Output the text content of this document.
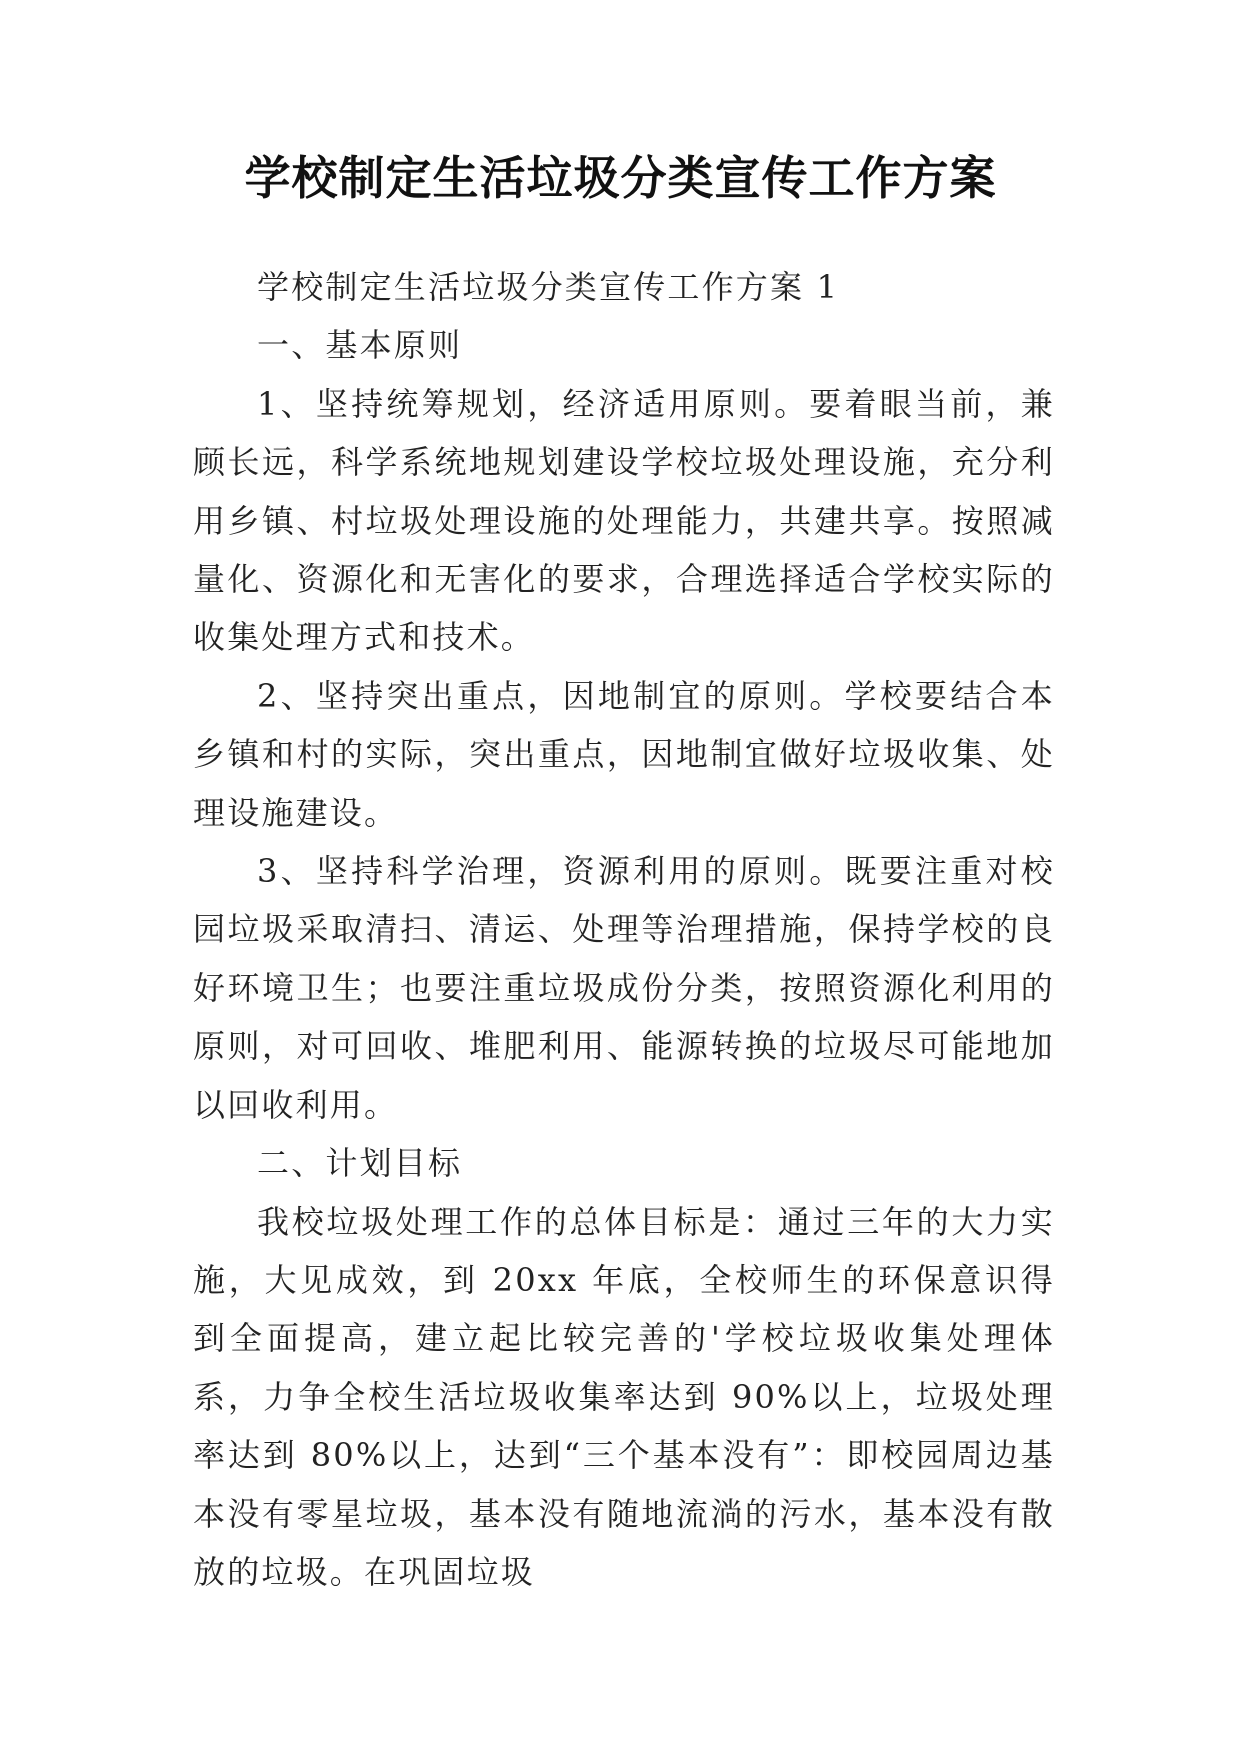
学校制定生活垃圾分类宣传工作方案

学校制定生活垃圾分类宣传工作方案 1

一、基本原则

1、坚持统筹规划，经济适用原则。要着眼当前，兼顾长远，科学系统地规划建设学校垃圾处理设施，充分利用乡镇、村垃圾处理设施的处理能力，共建共享。按照减量化、资源化和无害化的要求，合理选择适合学校实际的收集处理方式和技术。

2、坚持突出重点，因地制宜的原则。学校要结合本乡镇和村的实际，突出重点，因地制宜做好垃圾收集、处理设施建设。

3、坚持科学治理，资源利用的原则。既要注重对校园垃圾采取清扫、清运、处理等治理措施，保持学校的良好环境卫生；也要注重垃圾成份分类，按照资源化利用的原则，对可回收、堆肥利用、能源转换的垃圾尽可能地加以回收利用。

二、计划目标

我校垃圾处理工作的总体目标是：通过三年的大力实施，大见成效，到 20xx 年底，全校师生的环保意识得到全面提高，建立起比较完善的'学校垃圾收集处理体系，力争全校生活垃圾收集率达到 90%以上，垃圾处理率达到 80%以上，达到“三个基本没有”：即校园周边基本没有零星垃圾，基本没有随地流淌的污水，基本没有散放的垃圾。在巩固垃圾
